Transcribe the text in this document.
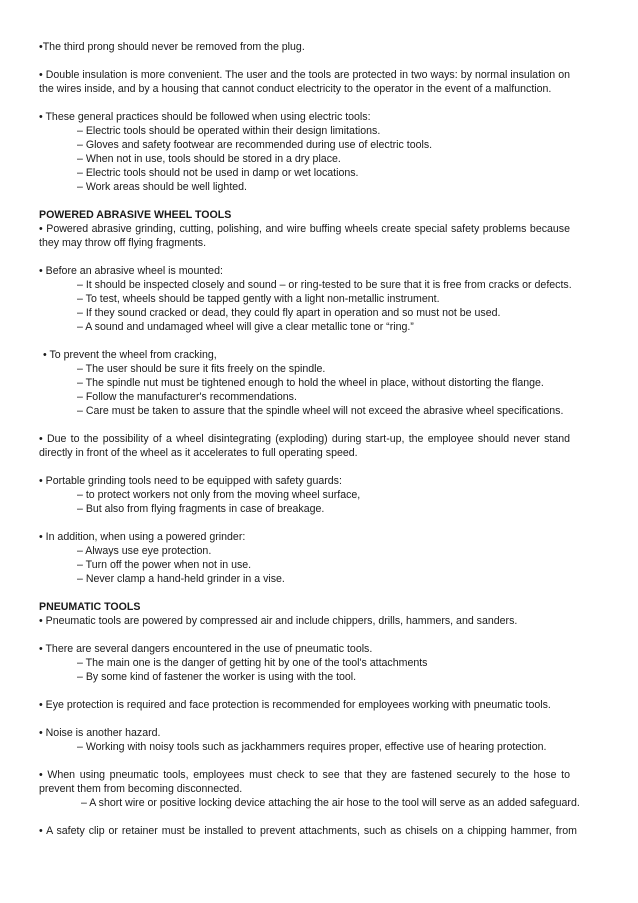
•The third prong should never be removed from the plug.

• Double insulation is more convenient. The user and the tools are protected in two ways: by normal insulation on the wires inside, and by a housing that cannot conduct electricity to the operator in the event of a malfunction.

• These general practices should be followed when using electric tools:
– Electric tools should be operated within their design limitations.
– Gloves and safety footwear are recommended during use of electric tools.
– When not in use, tools should be stored in a dry place.
– Electric tools should not be used in damp or wet locations.
– Work areas should be well lighted.
POWERED ABRASIVE WHEEL TOOLS
• Powered abrasive grinding, cutting, polishing, and wire buffing wheels create special safety problems because they may throw off flying fragments.
• Before an abrasive wheel is mounted:
– It should be inspected closely and sound – or ring-tested to be sure that it is free from cracks or defects.
– To test, wheels should be tapped gently with a light non-metallic instrument.
– If they sound cracked or dead, they could fly apart in operation and so must not be used.
– A sound and undamaged wheel will give a clear metallic tone or “ring.”
• To prevent the wheel from cracking,
– The user should be sure it fits freely on the spindle.
– The spindle nut must be tightened enough to hold the wheel in place, without distorting the flange.
– Follow the manufacturer's recommendations.
– Care must be taken to assure that the spindle wheel will not exceed the abrasive wheel specifications.

• Due to the possibility of a wheel disintegrating (exploding) during start-up, the employee should never stand directly in front of the wheel as it accelerates to full operating speed.

• Portable grinding tools need to be equipped with safety guards:
– to protect workers not only from the moving wheel surface,
– But also from flying fragments in case of breakage.
• In addition, when using a powered grinder:
– Always use eye protection.
– Turn off the power when not in use.
– Never clamp a hand-held grinder in a vise.
PNEUMATIC TOOLS
• Pneumatic tools are powered by compressed air and include chippers, drills, hammers, and sanders.
• There are several dangers encountered in the use of pneumatic tools.
– The main one is the danger of getting hit by one of the tool's attachments
– By some kind of fastener the worker is using with the tool.

• Eye protection is required and face protection is recommended for employees working with pneumatic tools.

• Noise is another hazard.
– Working with noisy tools such as jackhammers requires proper, effective use of hearing protection.
• When using pneumatic tools, employees must check to see that they are fastened securely to the hose to prevent them from becoming disconnected.
– A short wire or positive locking device attaching the air hose to the tool will serve as an added safeguard.

• A safety clip or retainer must be installed to prevent attachments, such as chisels on a chipping hammer, from
